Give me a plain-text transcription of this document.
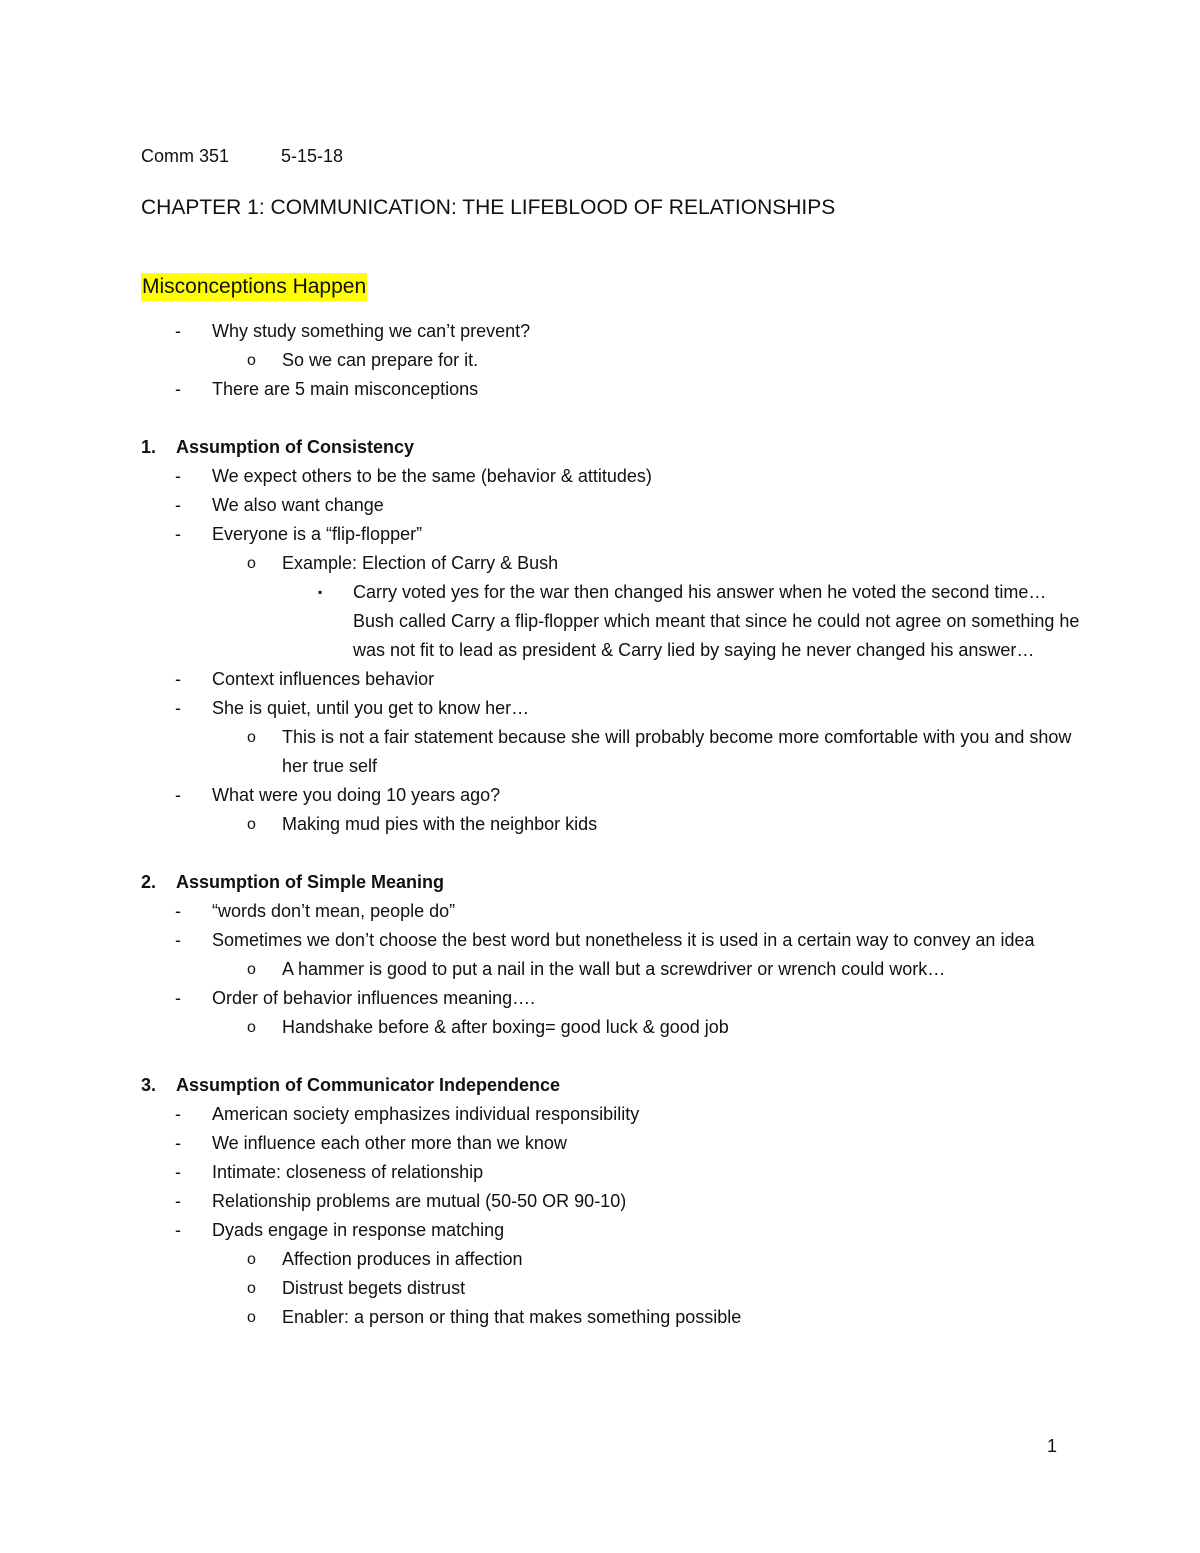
Comm 351	5-15-18
CHAPTER 1: COMMUNICATION: THE LIFEBLOOD OF RELATIONSHIPS
Misconceptions Happen
- Why study something we can’t prevent?
o So we can prepare for it.
- There are 5 main misconceptions
1. Assumption of Consistency
- We expect others to be the same (behavior & attitudes)
- We also want change
- Everyone is a “flip-flopper”
o Example: Election of Carry & Bush
▪ Carry voted yes for the war then changed his answer when he voted the second time…Bush called Carry a flip-flopper which meant that since he could not agree on something he was not fit to lead as president & Carry lied by saying he never changed his answer…
- Context influences behavior
- She is quiet, until you get to know her…
o This is not a fair statement because she will probably become more comfortable with you and show her true self
- What were you doing 10 years ago?
o Making mud pies with the neighbor kids
2. Assumption of Simple Meaning
- “words don’t mean, people do”
- Sometimes we don’t choose the best word but nonetheless it is used in a certain way to convey an idea
o A hammer is good to put a nail in the wall but a screwdriver or wrench could work…
- Order of behavior influences meaning….
o Handshake before & after boxing= good luck & good job
3. Assumption of Communicator Independence
- American society emphasizes individual responsibility
- We influence each other more than we know
- Intimate: closeness of relationship
- Relationship problems are mutual (50-50 OR 90-10)
- Dyads engage in response matching
o Affection produces in affection
o Distrust begets distrust
o Enabler: a person or thing that makes something possible
1
